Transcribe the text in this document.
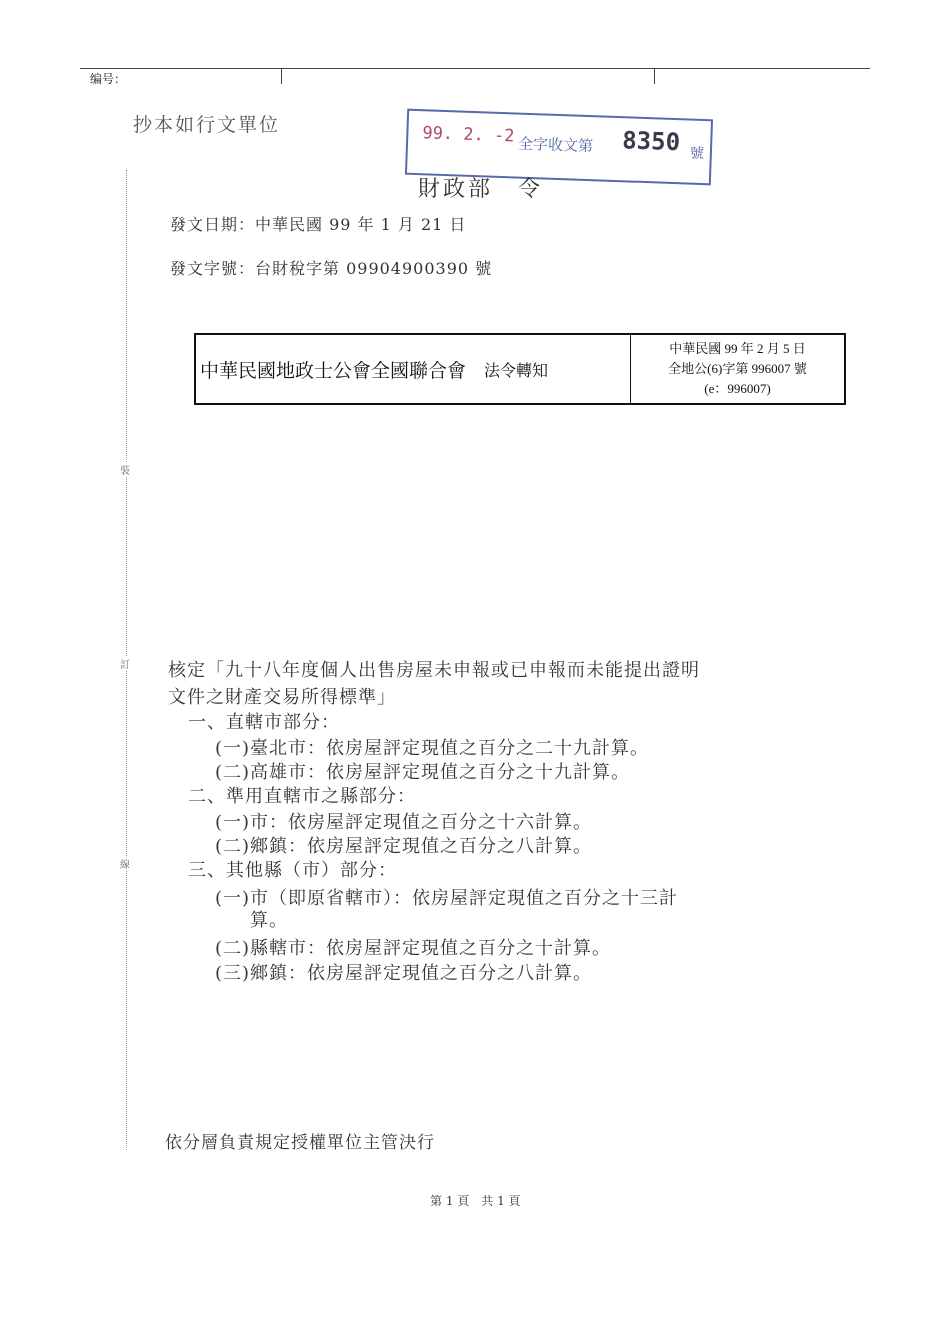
编号：
抄本如行文單位	99. 2. -2 全字收文第 8350 號
財政部　令
發文日期：中華民國 99 年 1 月 21 日
發文字號：台財稅字第 09904900390 號
裝
訂
線
中華民國地政士公會全國聯合會 法令轉知
中華民國 99 年 2 月 5 日
全地公(6)字第 996007 號
(e：996007)
核定「九十八年度個人出售房屋未申報或已申報而未能提出證明
文件之財產交易所得標準」
一、直轄市部分：
(一)臺北市：依房屋評定現值之百分之二十九計算。
(二)高雄市：依房屋評定現值之百分之十九計算。
二、準用直轄市之縣部分：
(一)市：依房屋評定現值之百分之十六計算。
(二)鄉鎮：依房屋評定現值之百分之八計算。
三、其他縣（市）部分：
(一)市（即原省轄市）：依房屋評定現值之百分之十三計
算。
(二)縣轄市：依房屋評定現值之百分之十計算。
(三)鄉鎮：依房屋評定現值之百分之八計算。
依分層負責規定授權單位主管決行
第 1 頁　共 1 頁
